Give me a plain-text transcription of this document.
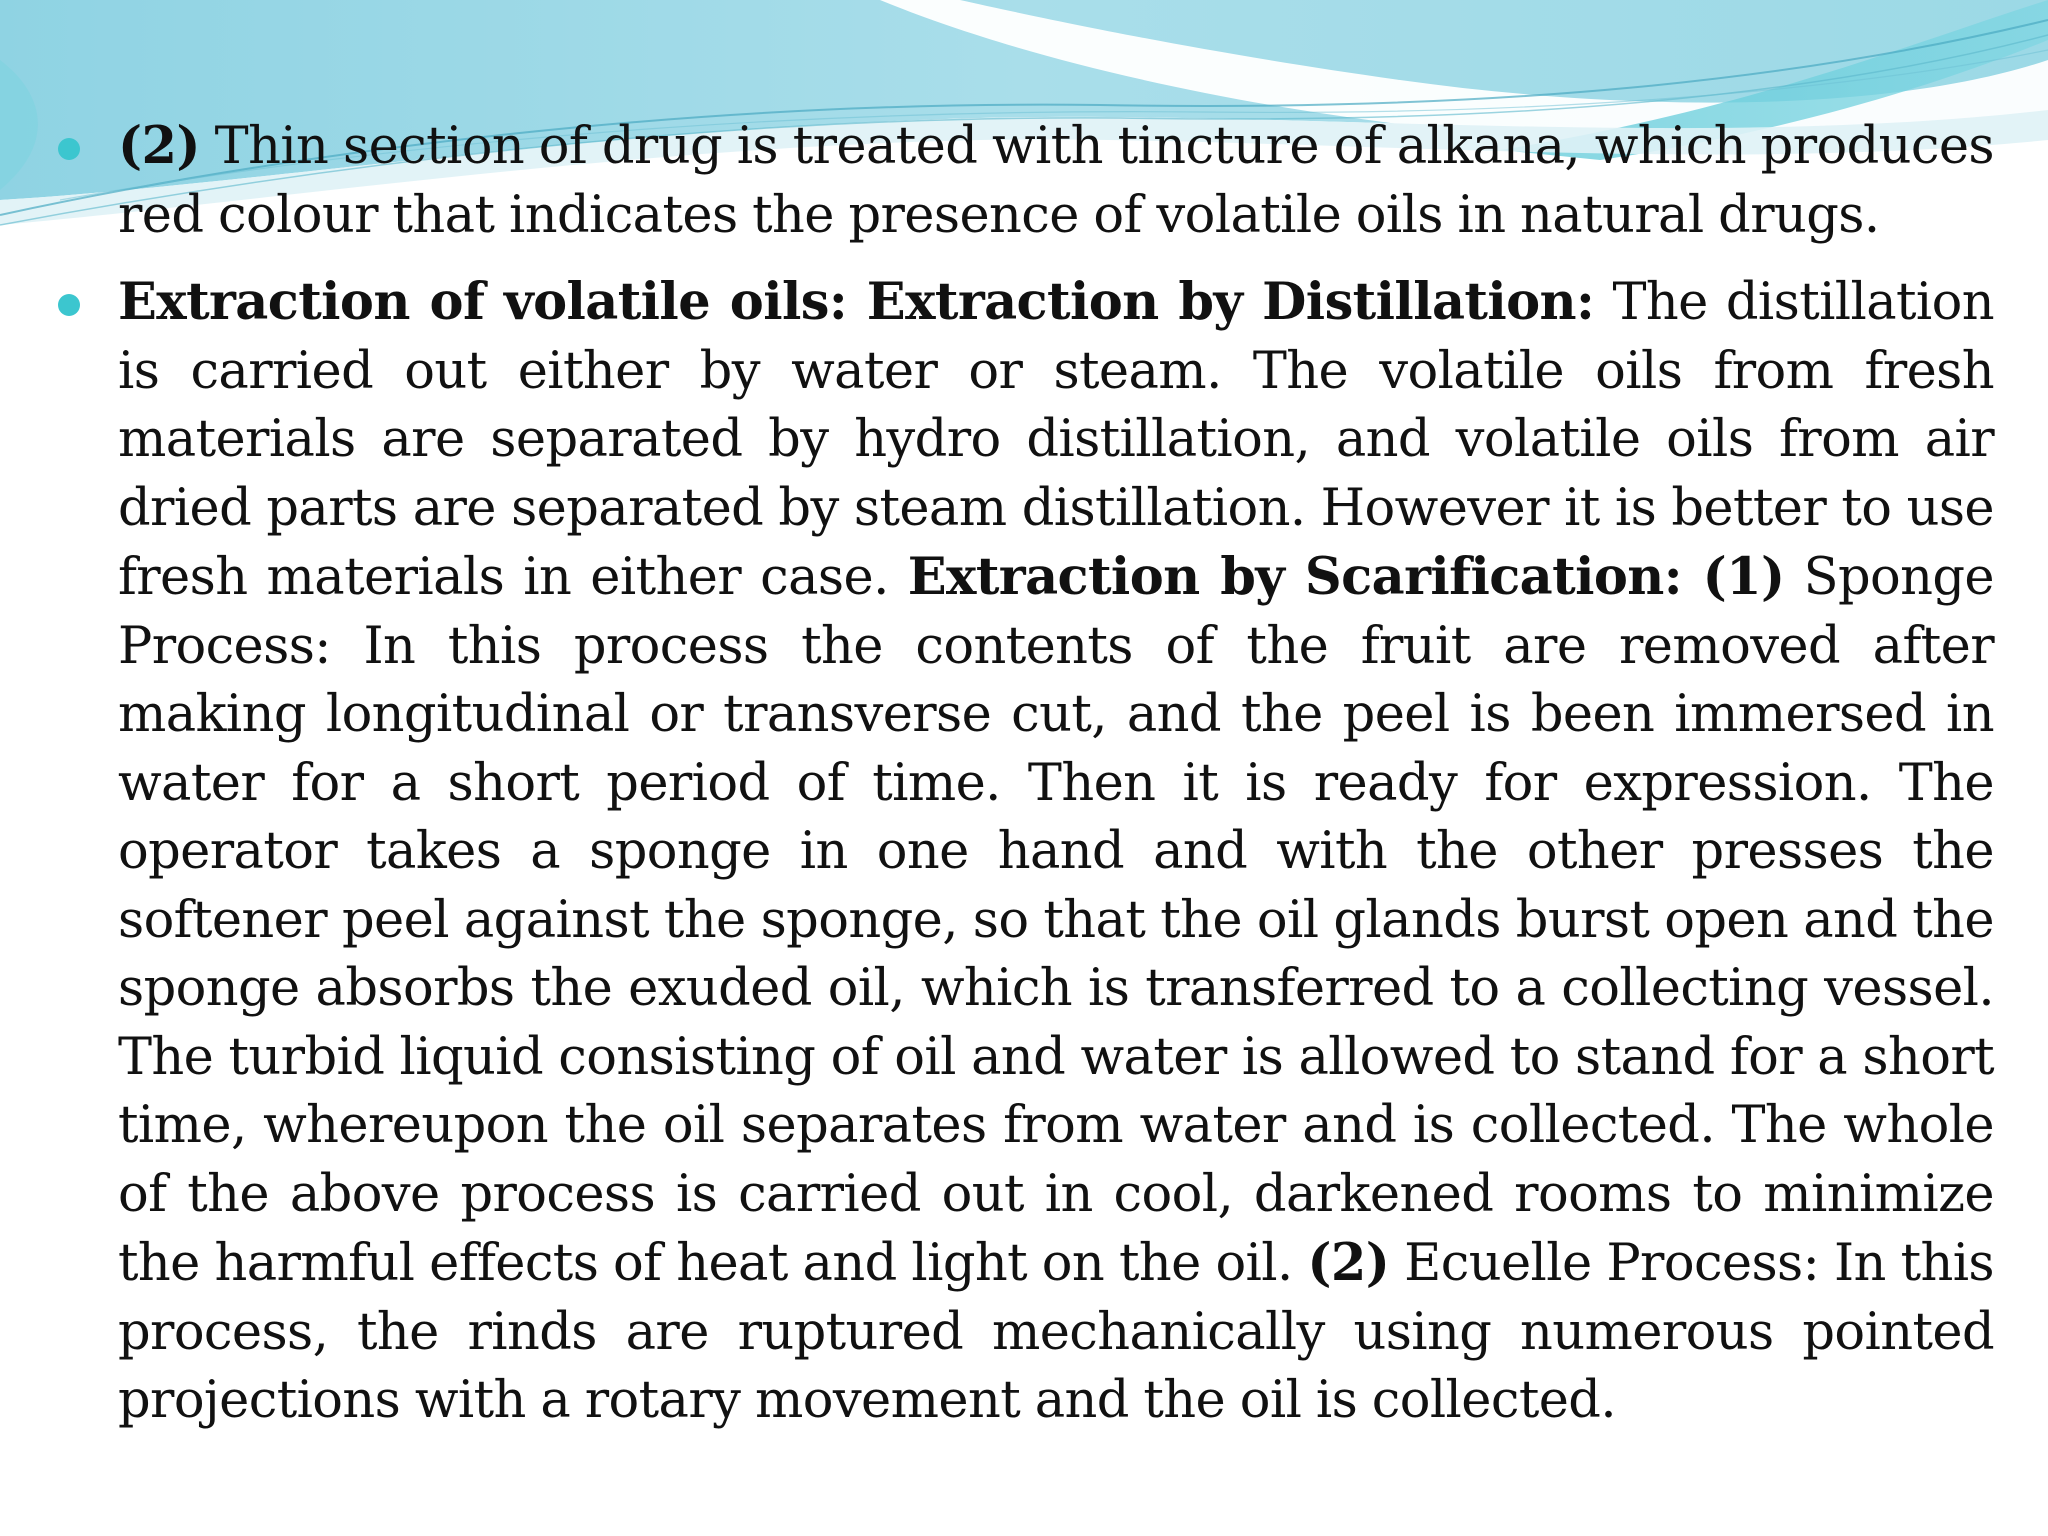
(2) Thin section of drug is treated with tincture of alkana, which produces red colour that indicates the presence of volatile oils in natural drugs.

Extraction of volatile oils: Extraction by Distillation: The distillation is carried out either by water or steam. The volatile oils from fresh materials are separated by hydro distillation, and volatile oils from air dried parts are separated by steam distillation. However it is better to use fresh materials in either case. Extraction by Scarification: (1) Sponge Process: In this process the contents of the fruit are removed after making longitudinal or transverse cut, and the peel is been immersed in water for a short period of time. Then it is ready for expression. The operator takes a sponge in one hand and with the other presses the softener peel against the sponge, so that the oil glands burst open and the sponge absorbs the exuded oil, which is transferred to a collecting vessel. The turbid liquid consisting of oil and water is allowed to stand for a short time, whereupon the oil separates from water and is collected. The whole of the above process is carried out in cool, darkened rooms to minimize the harmful effects of heat and light on the oil. (2) Ecuelle Process: In this process, the rinds are ruptured mechanically using numerous pointed projections with a rotary movement and the oil is collected.
